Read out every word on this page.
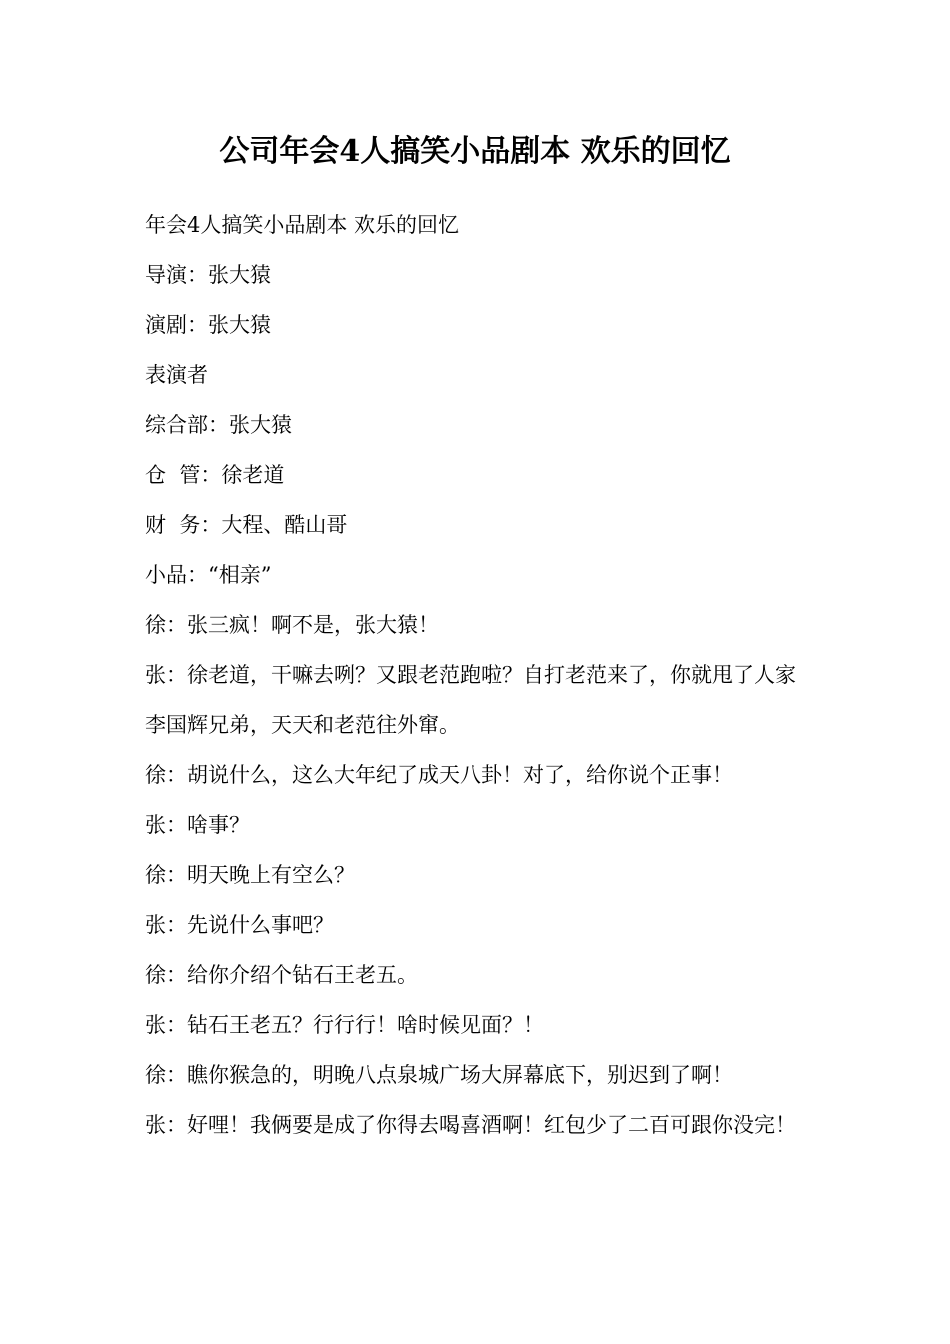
公司年会4人搞笑小品剧本 欢乐的回忆

年会4人搞笑小品剧本 欢乐的回忆

导演：张大猿

演剧：张大猿

表演者

综合部：张大猿

仓  管：徐老道

财  务：大程、酷山哥

小品：“相亲”

徐：张三疯！啊不是，张大猿！

张：徐老道，干嘛去咧？又跟老范跑啦？自打老范来了，你就甩了人家李国辉兄弟，天天和老范往外窜。

徐：胡说什么，这么大年纪了成天八卦！对了，给你说个正事！

张：啥事？

徐：明天晚上有空么？

张：先说什么事吧？

徐：给你介绍个钻石王老五。

张：钻石王老五？行行行！啥时候见面？！

徐：瞧你猴急的，明晚八点泉城广场大屏幕底下，别迟到了啊！

张：好哩！我俩要是成了你得去喝喜酒啊！红包少了二百可跟你没完！
